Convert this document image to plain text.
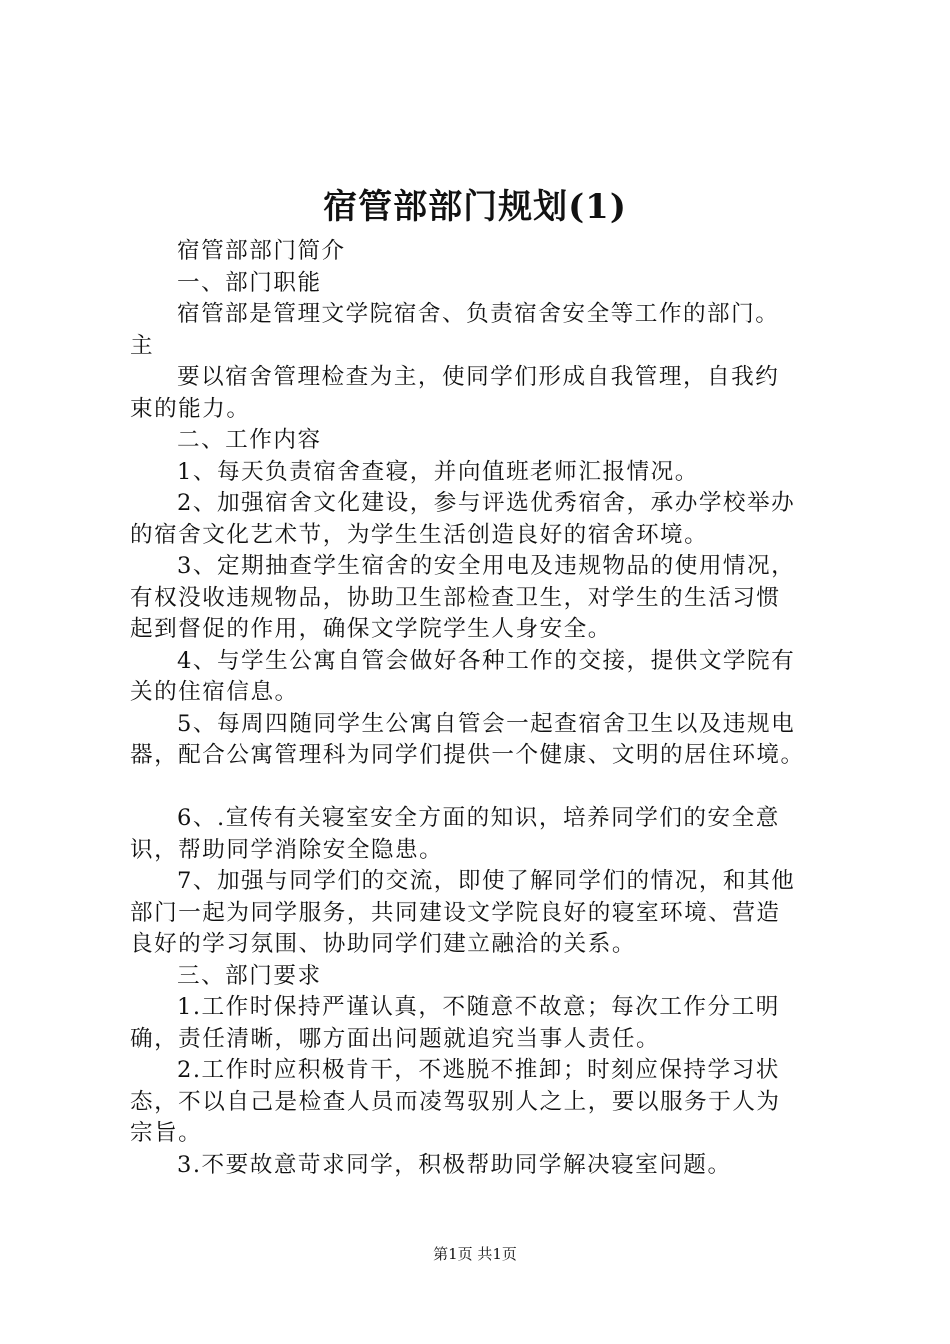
宿管部部门规划(1)
宿管部部门简介
一、部门职能
宿管部是管理文学院宿舍、负责宿舍安全等工作的部门。
主
要以宿舍管理检查为主，使同学们形成自我管理，自我约
束的能力。
二、工作内容
1、每天负责宿舍查寝，并向值班老师汇报情况。
2、加强宿舍文化建设，参与评选优秀宿舍，承办学校举办
的宿舍文化艺术节，为学生生活创造良好的宿舍环境。
3、定期抽查学生宿舍的安全用电及违规物品的使用情况，
有权没收违规物品，协助卫生部检查卫生，对学生的生活习惯
起到督促的作用，确保文学院学生人身安全。
4、与学生公寓自管会做好各种工作的交接，提供文学院有
关的住宿信息。
5、每周四随同学生公寓自管会一起查宿舍卫生以及违规电
器，配合公寓管理科为同学们提供一个健康、文明的居住环境。
6、.宣传有关寝室安全方面的知识，培养同学们的安全意
识，帮助同学消除安全隐患。
7、加强与同学们的交流，即使了解同学们的情况，和其他
部门一起为同学服务，共同建设文学院良好的寝室环境、营造
良好的学习氛围、协助同学们建立融洽的关系。
三、部门要求
1.工作时保持严谨认真，不随意不故意；每次工作分工明
确，责任清晰，哪方面出问题就追究当事人责任。
2.工作时应积极肯干，不逃脱不推卸；时刻应保持学习状
态，不以自己是检查人员而凌驾驭别人之上，要以服务于人为
宗旨。
3.不要故意苛求同学，积极帮助同学解决寝室问题。
第1页 共1页
